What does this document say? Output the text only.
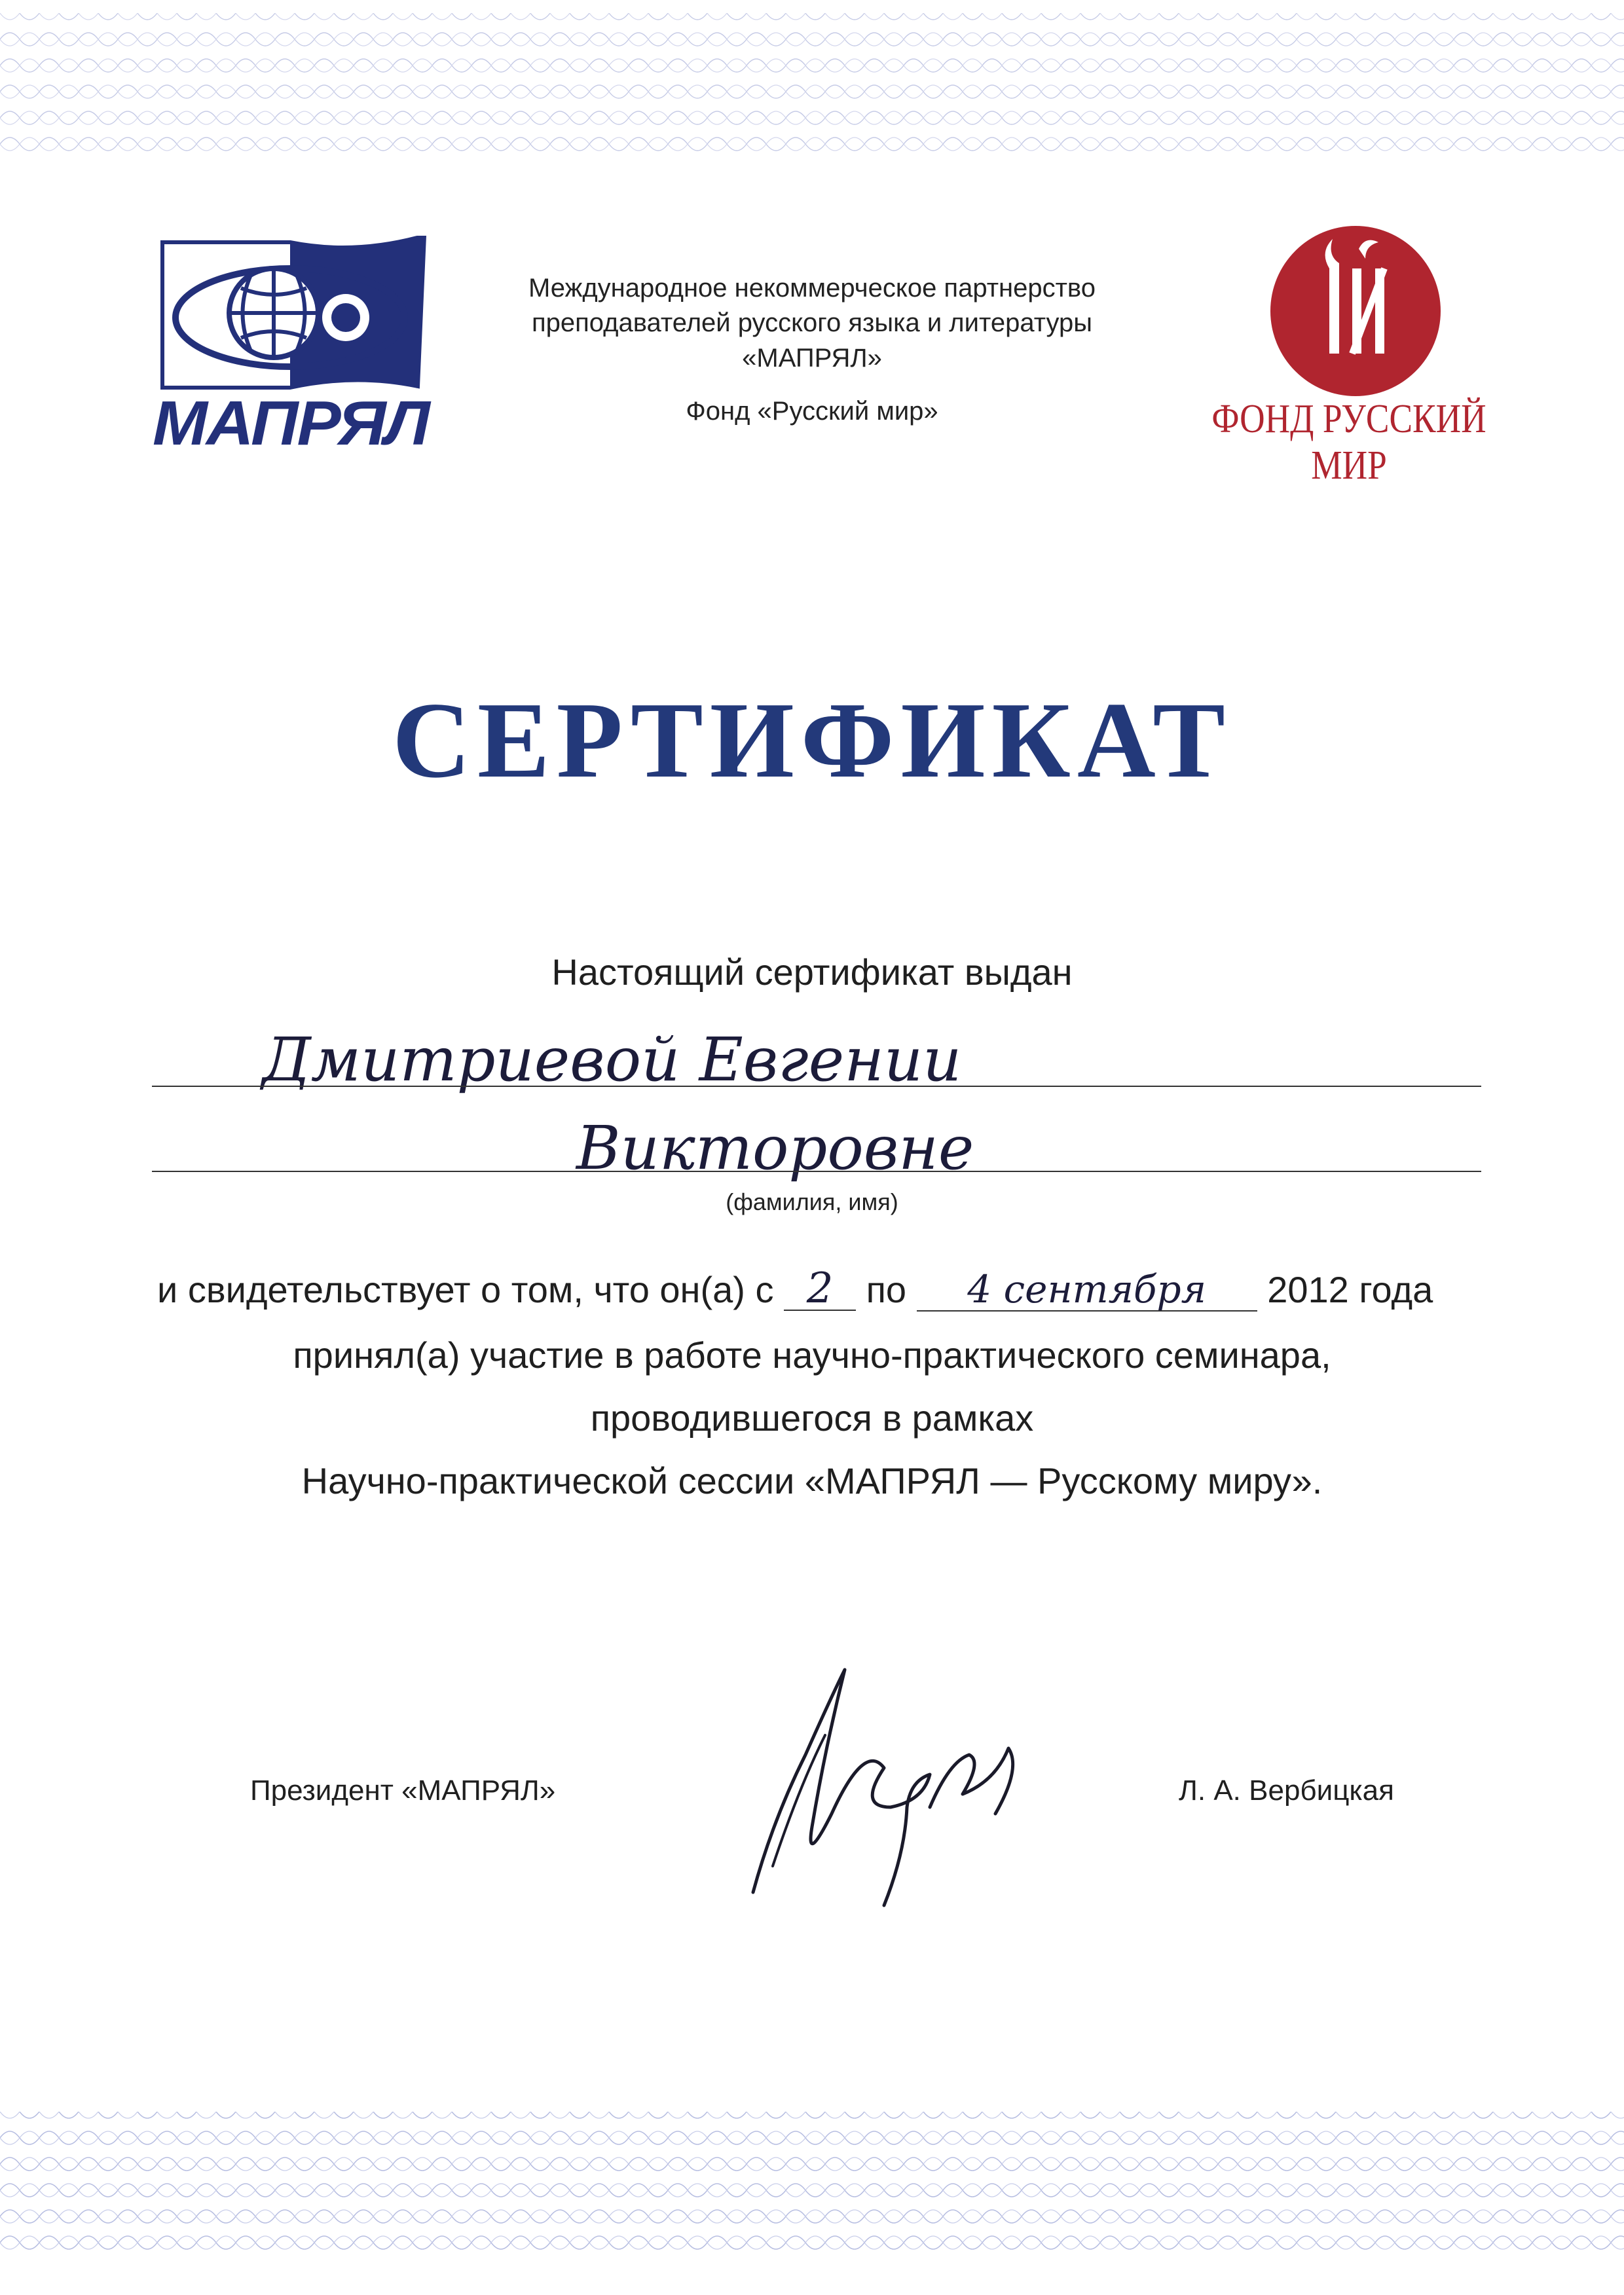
МАПРЯЛ
Международное некоммерческое партнерство
преподавателей русского языка и литературы
«МАПРЯЛ»
Фонд «Русский мир»	ФОНД РУССКИЙ МИР
СЕРТИФИКАТ
Настоящий сертификат выдан
Дмитриевой Евгении
Викторовне
(фамилия, имя)
и свидетельствует о том, что он(а) с 2 по 4 сентября 2012 года
принял(а) участие в работе научно-практического семинара,
проводившегося в рамках
Научно-практической сессии «МАПРЯЛ — Русскому миру».
Президент «МАПРЯЛ»	Л. А. Вербицкая
